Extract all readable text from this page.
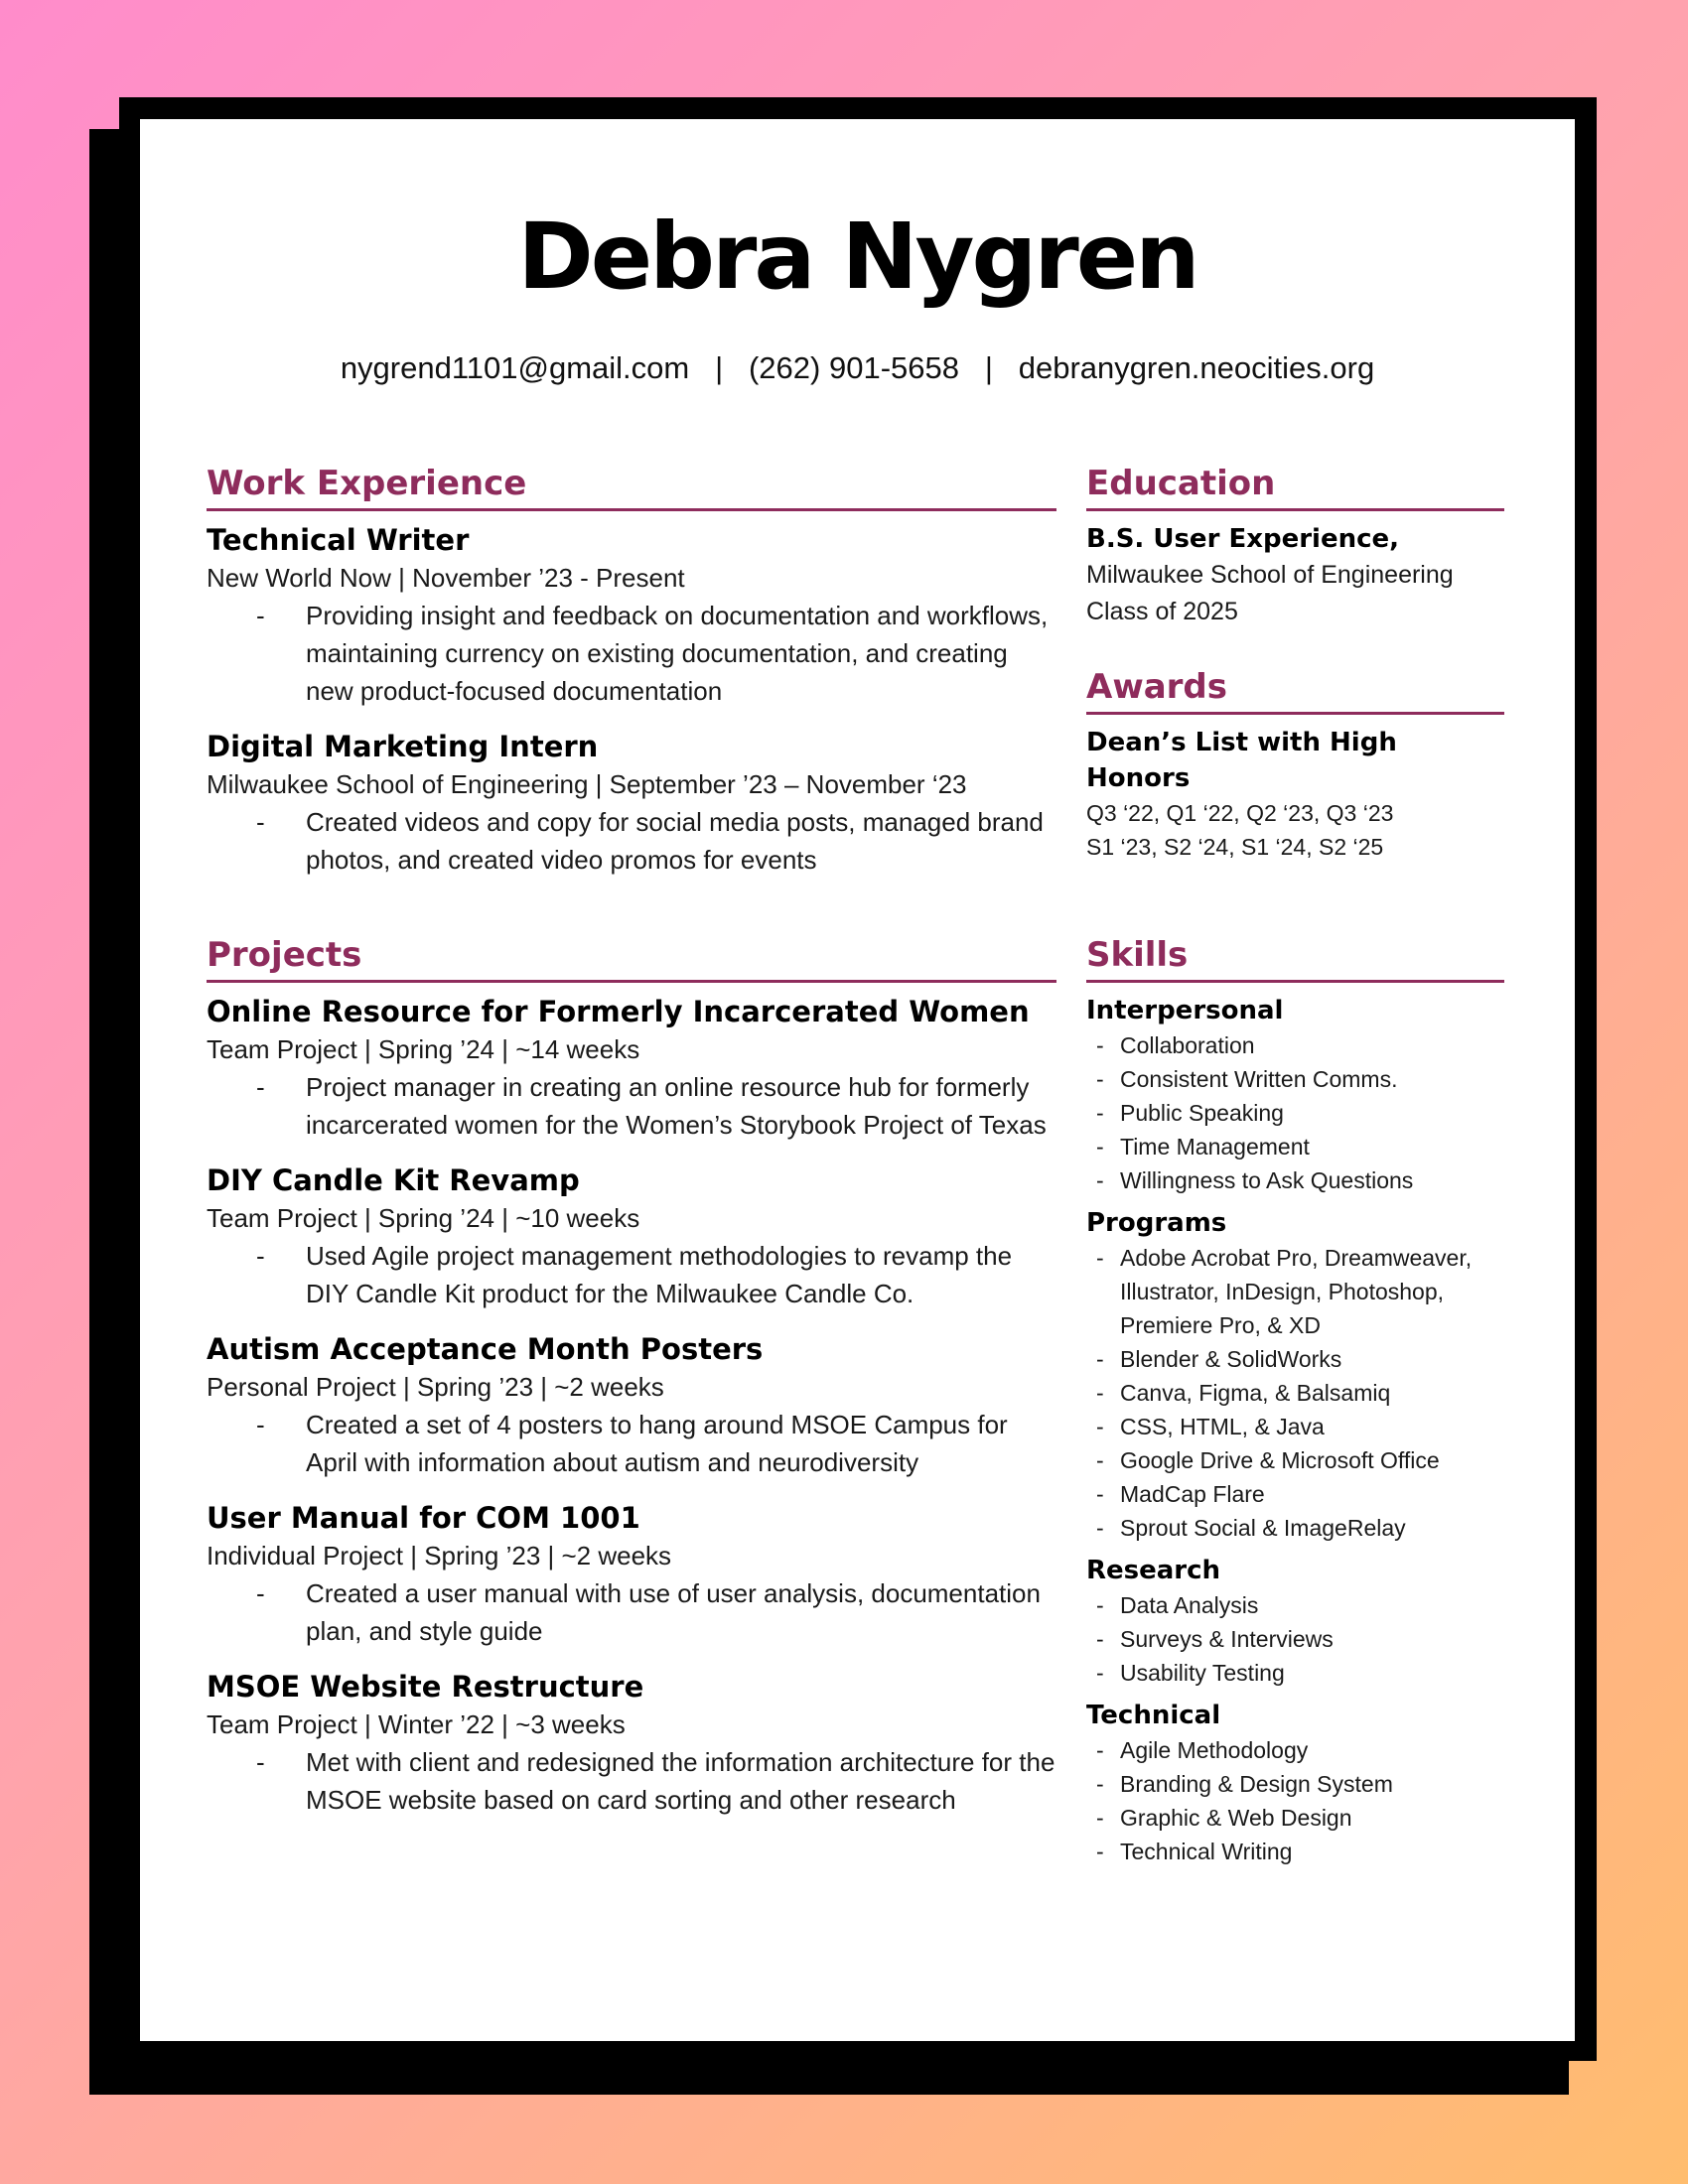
Debra Nygren
nygrend1101@gmail.com | (262) 901-5658 | debranygren.neocities.org
Work Experience
Technical Writer
New World Now | November ’23 - Present
- Providing insight and feedback on documentation and workflows, maintaining currency on existing documentation, and creating new product-focused documentation
Digital Marketing Intern
Milwaukee School of Engineering | September ’23 – November ‘23
- Created videos and copy for social media posts, managed brand photos, and created video promos for events
Projects
Online Resource for Formerly Incarcerated Women
Team Project | Spring ’24 | ~14 weeks
- Project manager in creating an online resource hub for formerly incarcerated women for the Women’s Storybook Project of Texas
DIY Candle Kit Revamp
Team Project | Spring ’24 | ~10 weeks
- Used Agile project management methodologies to revamp the DIY Candle Kit product for the Milwaukee Candle Co.
Autism Acceptance Month Posters
Personal Project | Spring ’23 | ~2 weeks
- Created a set of 4 posters to hang around MSOE Campus for April with information about autism and neurodiversity
User Manual for COM 1001
Individual Project | Spring ’23 | ~2 weeks
- Created a user manual with use of user analysis, documentation plan, and style guide
MSOE Website Restructure
Team Project | Winter ’22 | ~3 weeks
- Met with client and redesigned the information architecture for the MSOE website based on card sorting and other research
Education
B.S. User Experience,
Milwaukee School of Engineering
Class of 2025
Awards
Dean’s List with High Honors
Q3 ‘22, Q1 ‘22, Q2 ‘23, Q3 ‘23
S1 ‘23, S2 ‘24, S1 ‘24, S2 ‘25
Skills
Interpersonal
- Collaboration
- Consistent Written Comms.
- Public Speaking
- Time Management
- Willingness to Ask Questions
Programs
- Adobe Acrobat Pro, Dreamweaver, Illustrator, InDesign, Photoshop, Premiere Pro, & XD
- Blender & SolidWorks
- Canva, Figma, & Balsamiq
- CSS, HTML, & Java
- Google Drive & Microsoft Office
- MadCap Flare
- Sprout Social & ImageRelay
Research
- Data Analysis
- Surveys & Interviews
- Usability Testing
Technical
- Agile Methodology
- Branding & Design System
- Graphic & Web Design
- Technical Writing
